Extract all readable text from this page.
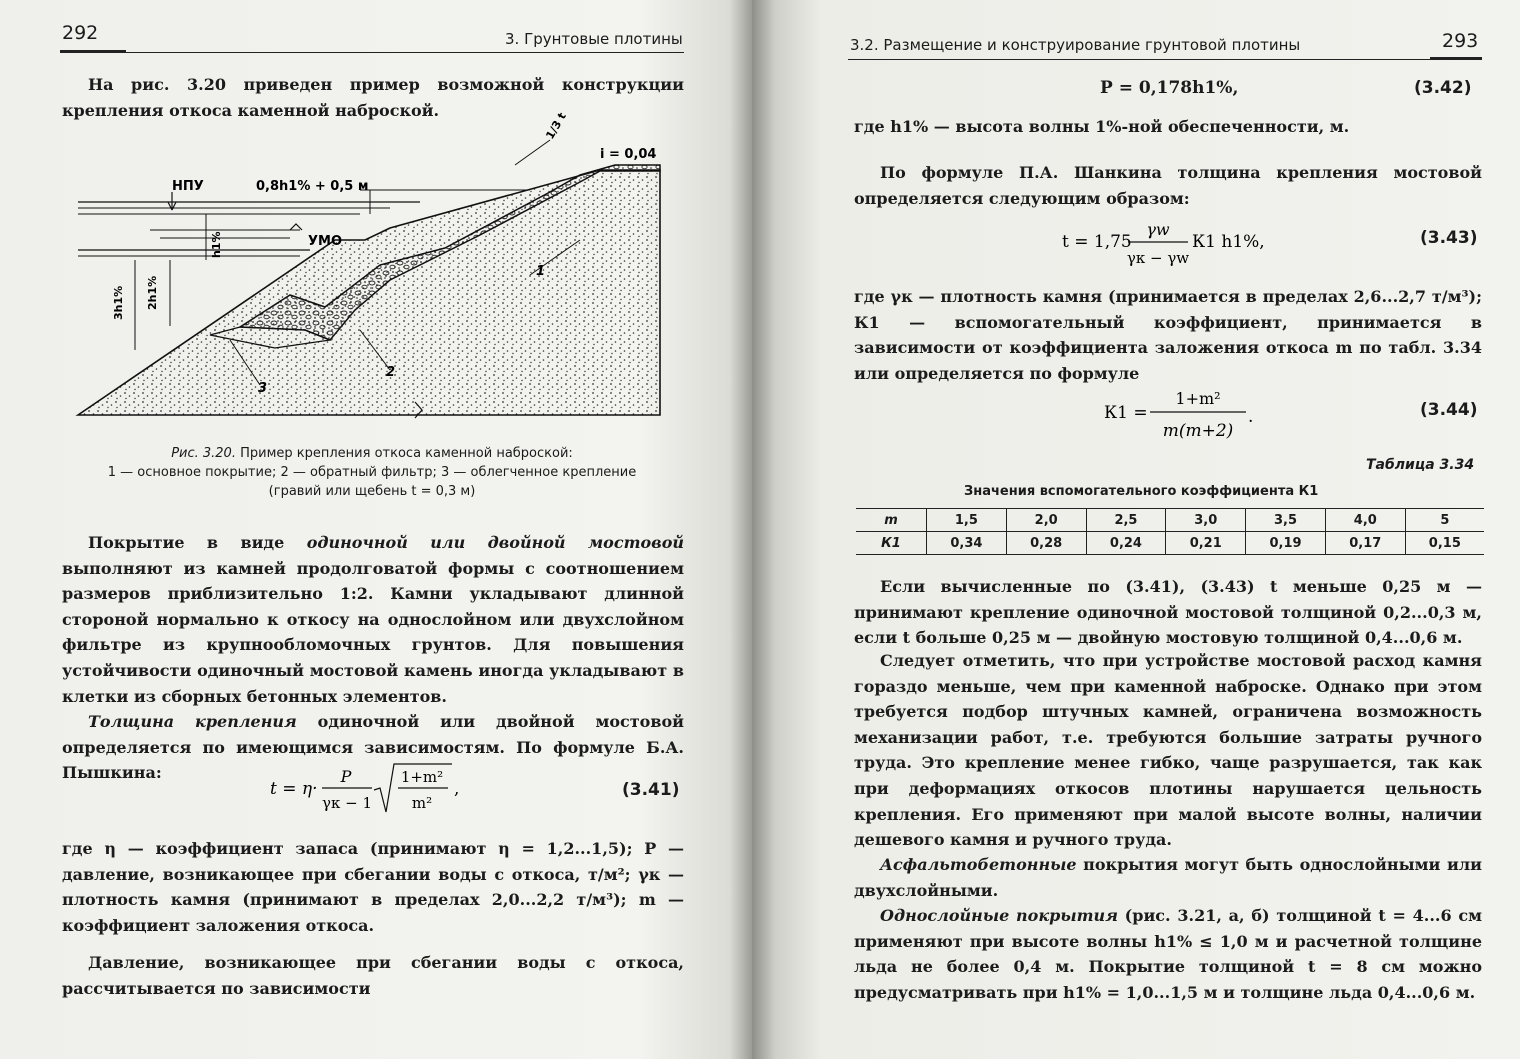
292	3. Грунтовые плотины

На рис. 3.20 приведен пример возможной конструкции крепления откоса каменной наброской.

НПУ	0,8h1% + 0,5 м
УМО
i = 0,04
h1%
2h1%
3h1%
1/3 t
1
2
3
Рис. 3.20. Пример крепления откоса каменной наброской:
1 — основное покрытие; 2 — обратный фильтр; 3 — облегченное крепление
(гравий или щебень t = 0,3 м)

Покрытие в виде одиночной или двойной мостовой выполняют из камней продолговатой формы с соотношением размеров приблизительно 1:2. Камни укладывают длинной стороной нормально к откосу на однослойном или двухслойном фильтре из крупнообломочных грунтов. Для повышения устойчивости одиночный мостовой камень иногда укладывают в клетки из сборных бетонных элементов.

Толщина крепления одиночной или двойной мостовой определяется по имеющимся зависимостям. По формуле Б.А. Пышкина:

t = η·
P
γк − 1
1+m²
m²
,	(3.41)

где η — коэффициент запаса (принимают η = 1,2...1,5); P — давление, возникающее при сбегании воды с откоса, т/м²; γк — плотность камня (принимают в пределах 2,0...2,2 т/м³); m — коэффициент заложения откоса.

Давление, возникающее при сбегании воды с откоса, рассчитывается по зависимости

3.2. Размещение и конструирование грунтовой плотины	293
P = 0,178h1%,	(3.42)

где h1% — высота волны 1%-ной обеспеченности, м.

По формуле П.А. Шанкина толщина крепления мостовой определяется следующим образом:

t = 1,75
γw
γк − γw
К1 h1%,	(3.43)

где γк — плотность камня (принимается в пределах 2,6...2,7 т/м³); К1 — вспомогательный коэффициент, принимается в зависимости от коэффициента заложения откоса m по табл. 3.34 или определяется по формуле

К1 =
1+m²
m(m+2)
.	(3.44)
Таблица 3.34
Значения вспомогательного коэффициента К1
m	1,5	2,0	2,5	3,0	3,5	4,0	5
К1	0,34	0,28	0,24	0,21	0,19	0,17	0,15

Если вычисленные по (3.41), (3.43) t меньше 0,25 м — принимают крепление одиночной мостовой толщиной 0,2...0,3 м, если t больше 0,25 м — двойную мостовую толщиной 0,4...0,6 м.

Следует отметить, что при устройстве мостовой расход камня гораздо меньше, чем при каменной наброске. Однако при этом требуется подбор штучных камней, ограничена возможность механизации работ, т.е. требуются большие затраты ручного труда. Это крепление менее гибко, чаще разрушается, так как при деформациях откосов плотины нарушается цельность крепления. Его применяют при малой высоте волны, наличии дешевого камня и ручного труда.

Асфальтобетонные покрытия могут быть однослойными или двухслойными.

Однослойные покрытия (рис. 3.21, а, б) толщиной t = 4...6 см применяют при высоте волны h1% ≤ 1,0 м и расчетной толщине льда не более 0,4 м. Покрытие толщиной t = 8 см можно предусматривать при h1% = 1,0...1,5 м и толщине льда 0,4...0,6 м.
